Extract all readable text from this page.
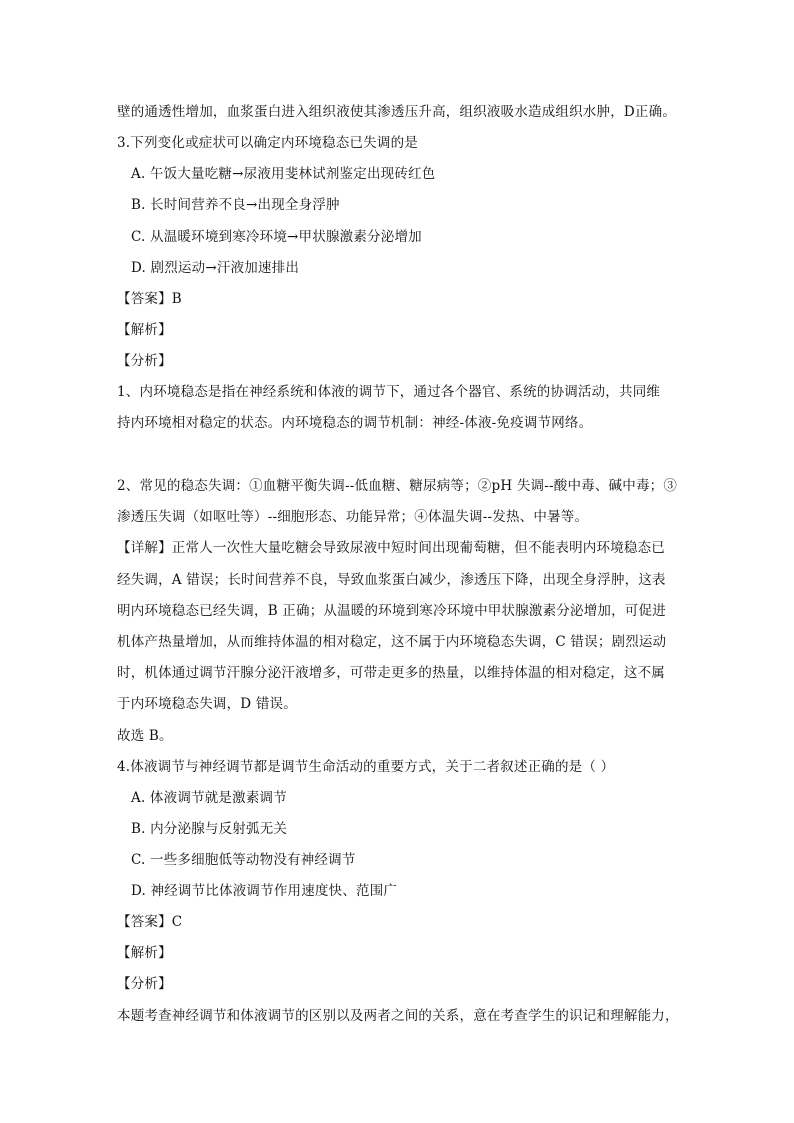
壁的通透性增加，血浆蛋白进入组织液使其渗透压升高，组织液吸水造成组织水肿，D正确。
3.下列变化或症状可以确定内环境稳态已失调的是
A. 午饭大量吃糖→尿液用斐林试剂鉴定出现砖红色
B. 长时间营养不良→出现全身浮肿
C. 从温暖环境到寒冷环境→甲状腺激素分泌增加
D. 剧烈运动→汗液加速排出
【答案】B
【解析】
【分析】
1、内环境稳态是指在神经系统和体液的调节下，通过各个器官、系统的协调活动，共同维
持内环境相对稳定的状态。内环境稳态的调节机制：神经-体液-免疫调节网络。
2、常见的稳态失调：①血糖平衡失调--低血糖、糖尿病等；②pH 失调--酸中毒、碱中毒；③
渗透压失调（如呕吐等）--细胞形态、功能异常；④体温失调--发热、中暑等。
【详解】正常人一次性大量吃糖会导致尿液中短时间出现葡萄糖，但不能表明内环境稳态已
经失调，A 错误；长时间营养不良，导致血浆蛋白减少，渗透压下降，出现全身浮肿，这表
明内环境稳态已经失调，B 正确；从温暖的环境到寒冷环境中甲状腺激素分泌增加，可促进
机体产热量增加，从而维持体温的相对稳定，这不属于内环境稳态失调，C 错误；剧烈运动
时，机体通过调节汗腺分泌汗液增多，可带走更多的热量，以维持体温的相对稳定，这不属
于内环境稳态失调，D 错误。
故选 B。
4.体液调节与神经调节都是调节生命活动的重要方式，关于二者叙述正确的是（ ）
A. 体液调节就是激素调节
B. 内分泌腺与反射弧无关
C. 一些多细胞低等动物没有神经调节
D. 神经调节比体液调节作用速度快、范围广
【答案】C
【解析】
【分析】
本题考查神经调节和体液调节的区别以及两者之间的关系，意在考查学生的识记和理解能力，
